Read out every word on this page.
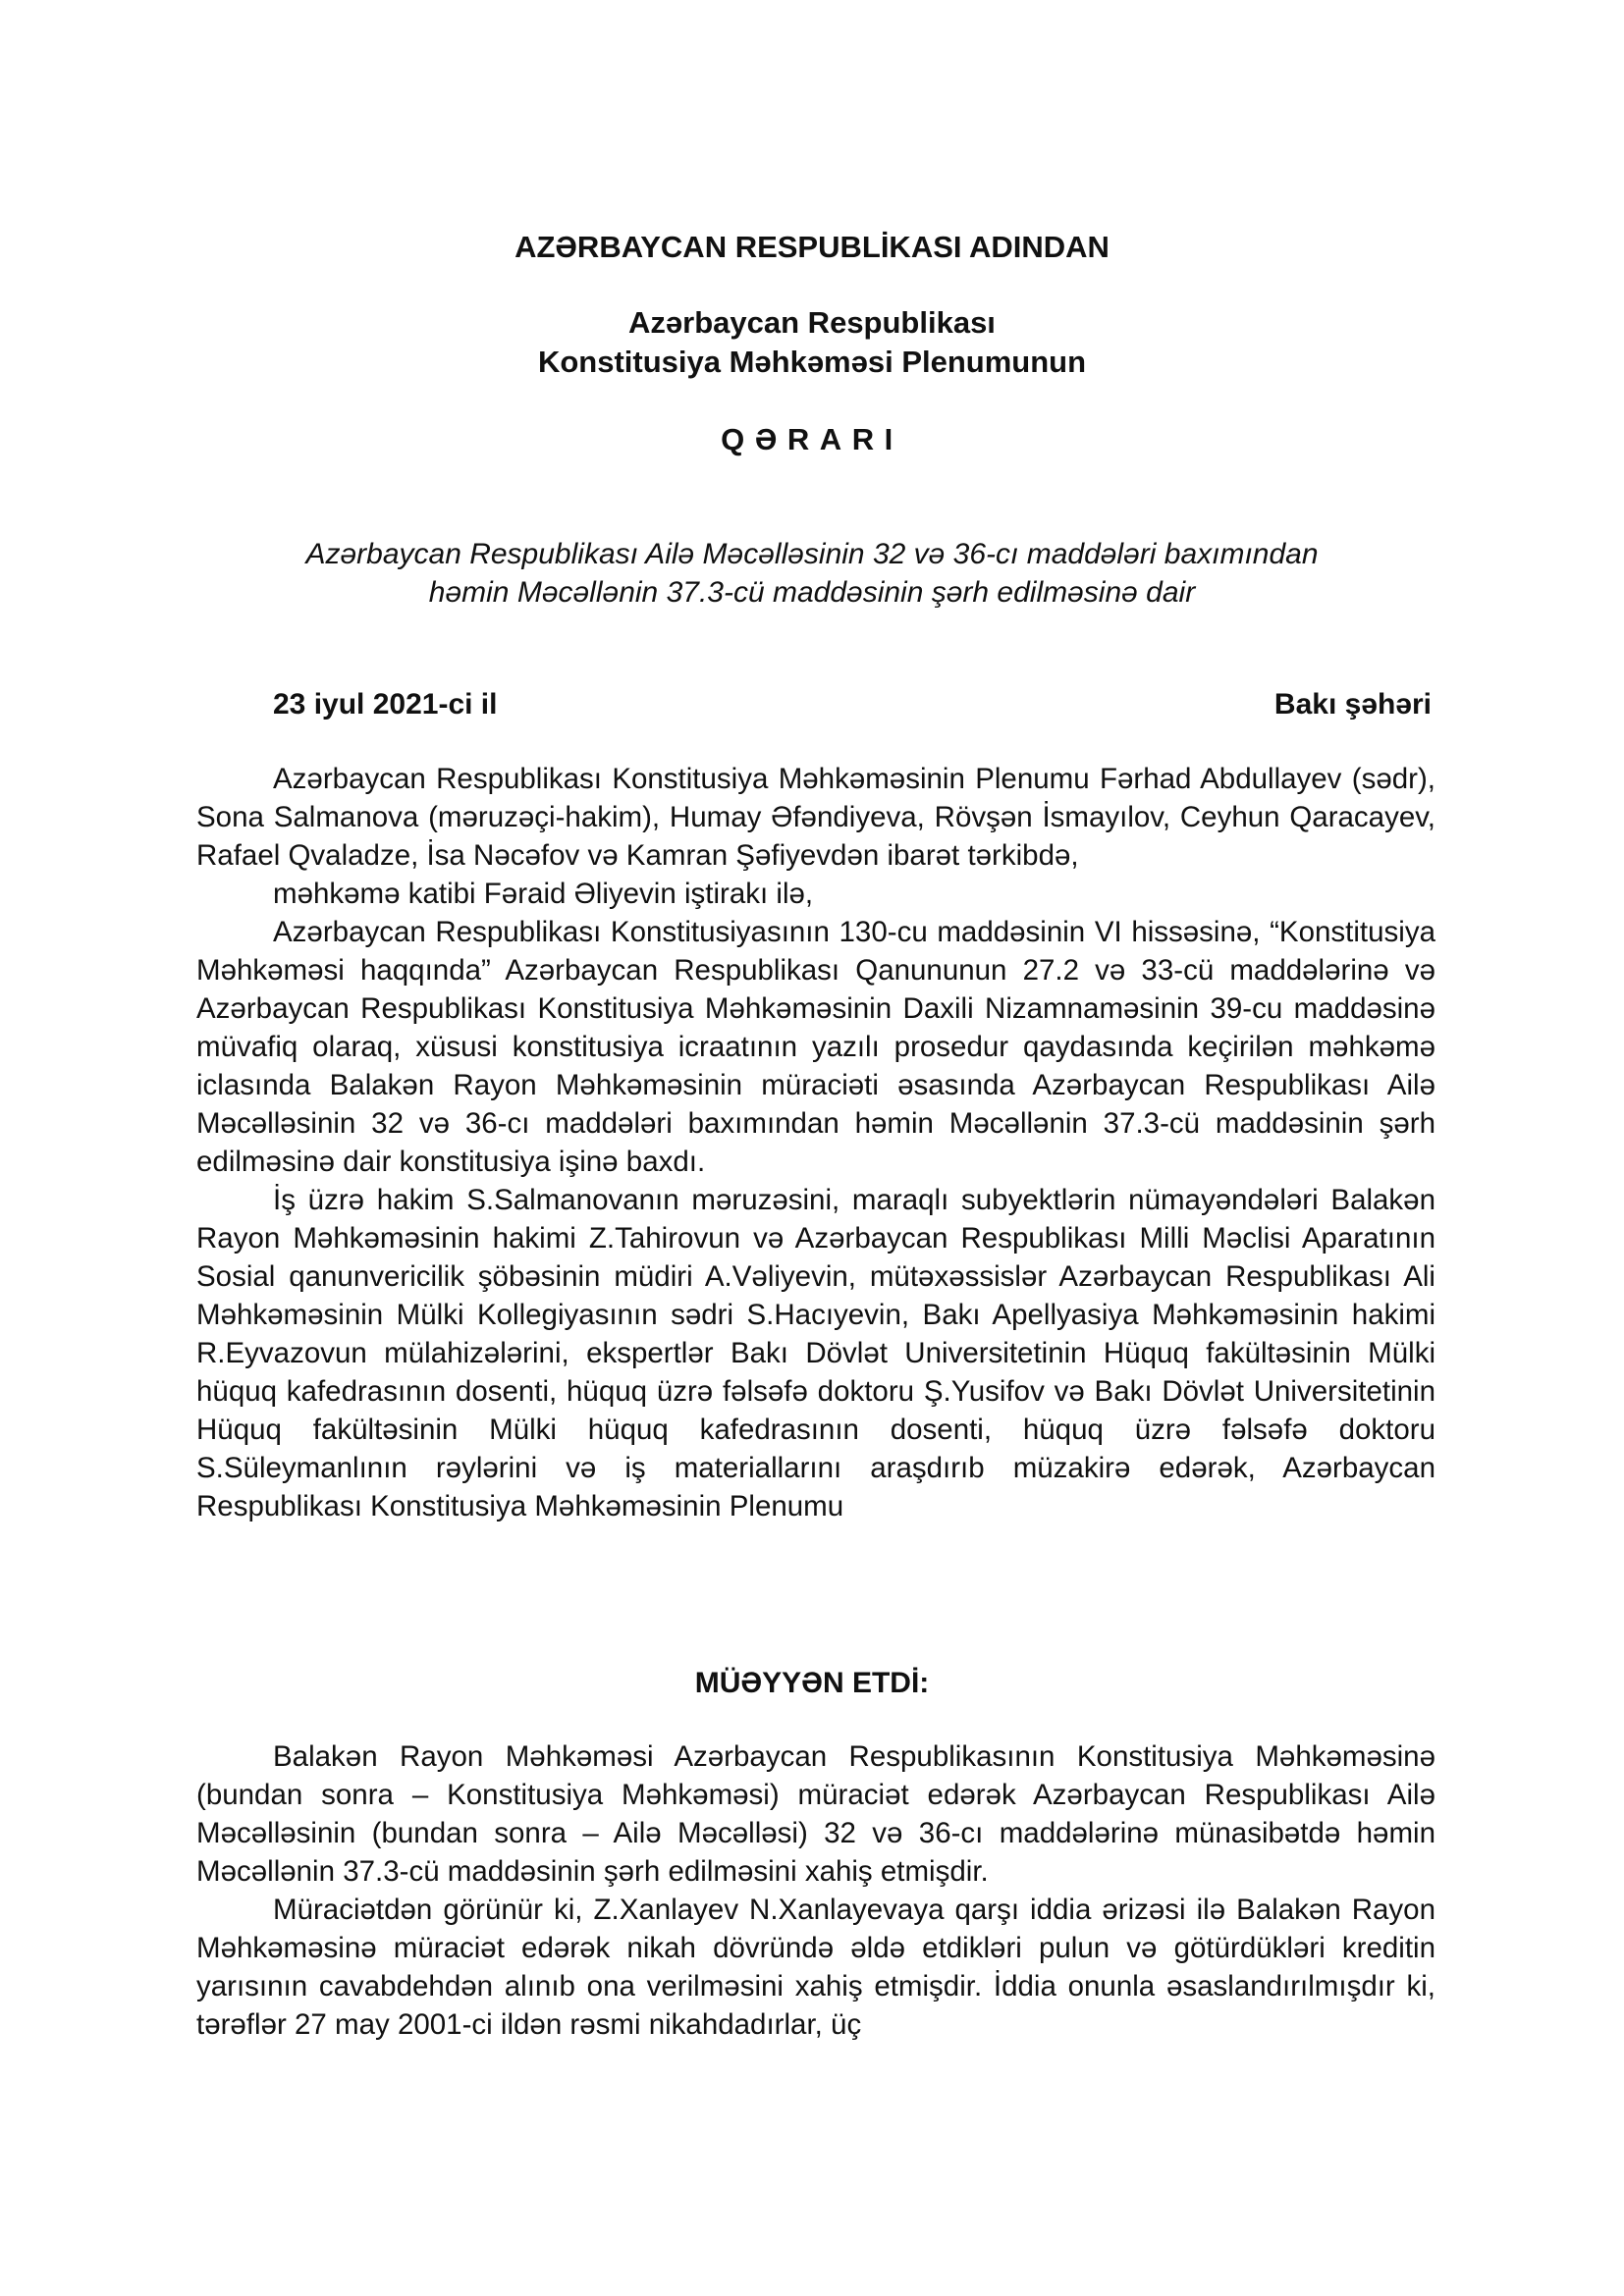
AZƏRBAYCAN RESPUBLİKASI ADINDAN
Azərbaycan Respublikası
Konstitusiya Məhkəməsi Plenumunun
QƏRARI

Azərbaycan Respublikası Ailə Məcəllәsinin 32 və 36-cı maddələri baxımından
həmin Məcəllənin 37.3-cü maddəsinin şərh edilməsinə dair

23 iyul 2021-ci il	Bakı şəhəri

Azərbaycan Respublikası Konstitusiya Məhkəməsinin Plenumu Fərhad Abdullayev (sədr), Sona Salmanova (məruzəçi-hakim), Humay Əfəndiyeva, Rövşən İsmayılov, Ceyhun Qaracayev, Rafael Qvaladze, İsa Nəcəfov və Kamran Şəfiyevdən ibarət tərkibdə,

məhkəmə katibi Fəraid Əliyevin iştirakı ilə,

Azərbaycan Respublikası Konstitusiyasının 130-cu maddəsinin VI hissəsinə, “Konstitusiya Məhkəməsi haqqında” Azərbaycan Respublikası Qanununun 27.2 və 33-cü maddələrinə və Azərbaycan Respublikası Konstitusiya Məhkəməsinin Daxili Nizamnaməsinin 39-cu maddəsinə müvafiq olaraq, xüsusi konstitusiya icraatının yazılı prosedur qaydasında keçirilən məhkəmə iclasında Balakən Rayon Məhkəməsinin müraciəti əsasında Azərbaycan Respublikası Ailə Məcəllәsinin 32 və 36-cı maddələri baxımından həmin Məcəllənin 37.3-cü maddəsinin şərh edilməsinə dair konstitusiya işinə baxdı.

İş üzrə hakim S.Salmanovanın məruzəsini, maraqlı subyektlərin nümayəndələri Balakən Rayon Məhkəməsinin hakimi Z.Tahirovun və Azərbaycan Respublikası Milli Məclisi Aparatının Sosial qanunvericilik şöbəsinin müdiri A.Vəliyevin, mütəxəssislər Azərbaycan Respublikası Ali Məhkəməsinin Mülki Kollegiyasının sədri S.Hacıyevin, Bakı Apellyasiya Məhkəməsinin hakimi R.Eyvazovun mülahizələrini, ekspertlər Bakı Dövlət Universitetinin Hüquq fakültəsinin Mülki hüquq kafedrasının dosenti, hüquq üzrə fəlsəfə doktoru Ş.Yusifov və Bakı Dövlət Universitetinin Hüquq fakültəsinin Mülki hüquq kafedrasının dosenti, hüquq üzrə fəlsəfə doktoru S.Süleymanlının rəylərini və iş materiallarını araşdırıb müzakirə edərək, Azərbaycan Respublikası Konstitusiya Məhkəməsinin Plenumu

MÜƏYYƏN ETDİ:

Balakən Rayon Məhkəməsi Azərbaycan Respublikasının Konstitusiya Məhkəməsinə (bundan sonra – Konstitusiya Məhkəməsi) müraciət edərək Azərbaycan Respublikası Ailə Məcəllәsinin (bundan sonra – Ailə Məcəlləsi) 32 və 36-cı maddələrinə münasibətdə həmin Məcəllənin 37.3-cü maddəsinin şərh edilməsini xahiş etmişdir.

Müraciətdən görünür ki, Z.Xanlayev N.Xanlayevaya qarşı iddia ərizəsi ilə Balakən Rayon Məhkəməsinə müraciət edərək nikah dövründə əldə etdikləri pulun və götürdükləri kreditin yarısının cavabdehdən alınıb ona verilməsini xahiş etmişdir. İddia onunla əsaslandırılmışdır ki, tərəflər 27 may 2001-ci ildən rəsmi nikahdadırlar, üç
